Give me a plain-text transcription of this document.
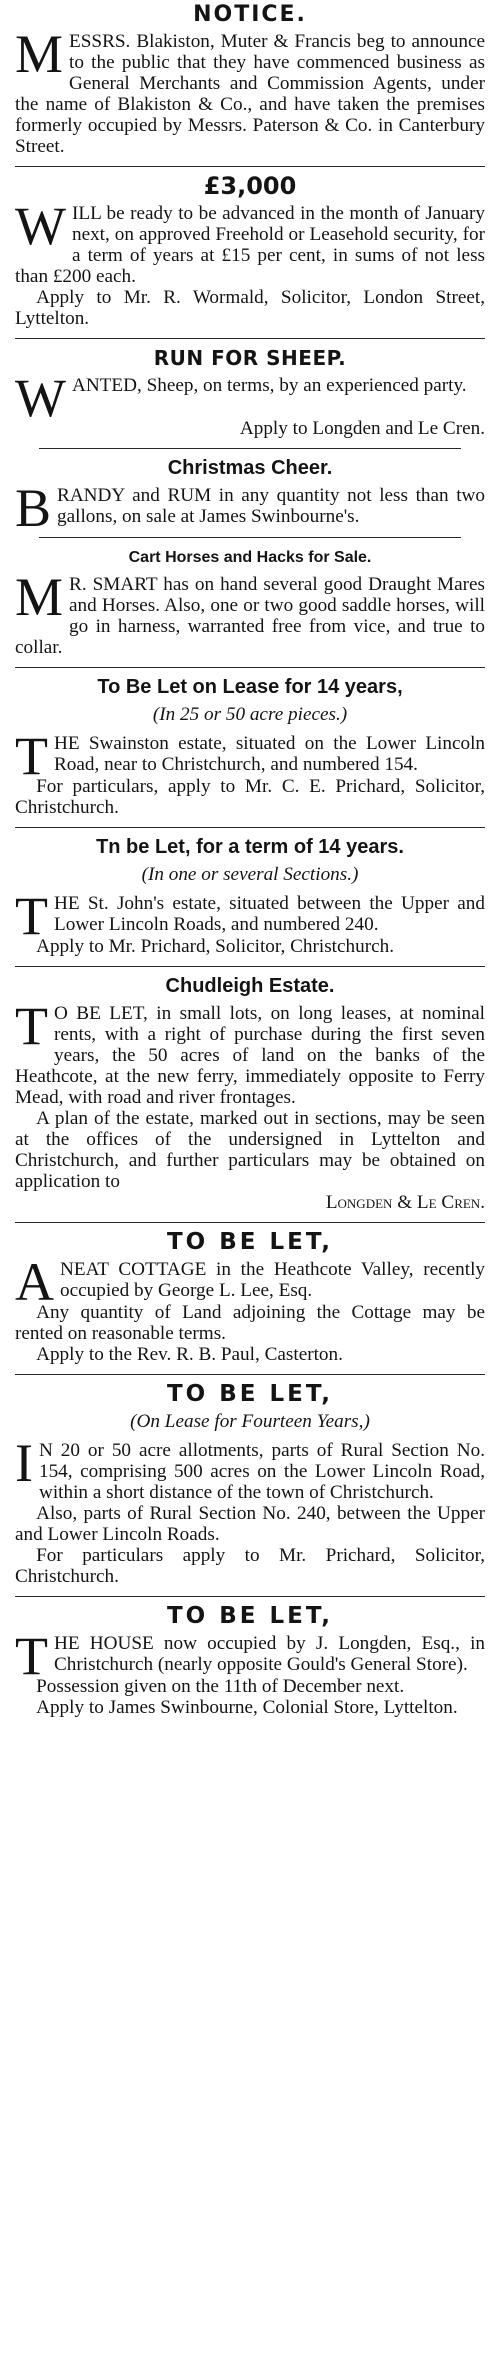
NOTICE.
M ESSRS. Blakiston, Muter & Francis beg to announce to the public that they have commenced business as General Merchants and Commission Agents, under the name of Blakiston & Co., and have taken the premises formerly occupied by Messrs. Paterson & Co. in Canterbury Street.

£3,000
W ILL be ready to be advanced in the month of January next, on approved Freehold or Leasehold security, for a term of years at £15 per cent, in sums of not less than £200 each.

Apply to Mr. R. Wormald, Solicitor, London Street, Lyttelton.

RUN FOR SHEEP.
W ANTED, Sheep, on terms, by an experienced party.

Apply to Longden and Le Cren.

Christmas Cheer.
B RANDY and RUM in any quantity not less than two gallons, on sale at James Swinbourne's.

Cart Horses and Hacks for Sale.
M R. SMART has on hand several good Draught Mares and Horses. Also, one or two good saddle horses, will go in harness, warranted free from vice, and true to collar.

To Be Let on Lease for 14 years,
(In 25 or 50 acre pieces.)
T HE Swainston estate, situated on the Lower Lincoln Road, near to Christchurch, and numbered 154.

For particulars, apply to Mr. C. E. Prichard, Solicitor, Christchurch.

Tn be Let, for a term of 14 years.
(In one or several Sections.)
T HE St. John's estate, situated between the Upper and Lower Lincoln Roads, and numbered 240.

Apply to Mr. Prichard, Solicitor, Christchurch.

Chudleigh Estate.
T O BE LET, in small lots, on long leases, at nominal rents, with a right of purchase during the first seven years, the 50 acres of land on the banks of the Heathcote, at the new ferry, immediately opposite to Ferry Mead, with road and river frontages.

A plan of the estate, marked out in sections, may be seen at the offices of the undersigned in Lyttelton and Christchurch, and further particulars may be obtained on application to

Longden & Le Cren.

TO BE LET,
A NEAT COTTAGE in the Heathcote Valley, recently occupied by George L. Lee, Esq.

Any quantity of Land adjoining the Cottage may be rented on reasonable terms.

Apply to the Rev. R. B. Paul, Casterton.

TO BE LET,
(On Lease for Fourteen Years,)
I N 20 or 50 acre allotments, parts of Rural Section No. 154, comprising 500 acres on the Lower Lincoln Road, within a short distance of the town of Christchurch.

Also, parts of Rural Section No. 240, between the Upper and Lower Lincoln Roads.

For particulars apply to Mr. Prichard, Solicitor, Christchurch.

TO BE LET,
T HE HOUSE now occupied by J. Longden, Esq., in Christchurch (nearly opposite Gould's General Store).

Possession given on the 11th of December next.

Apply to James Swinbourne, Colonial Store, Lyttelton.
